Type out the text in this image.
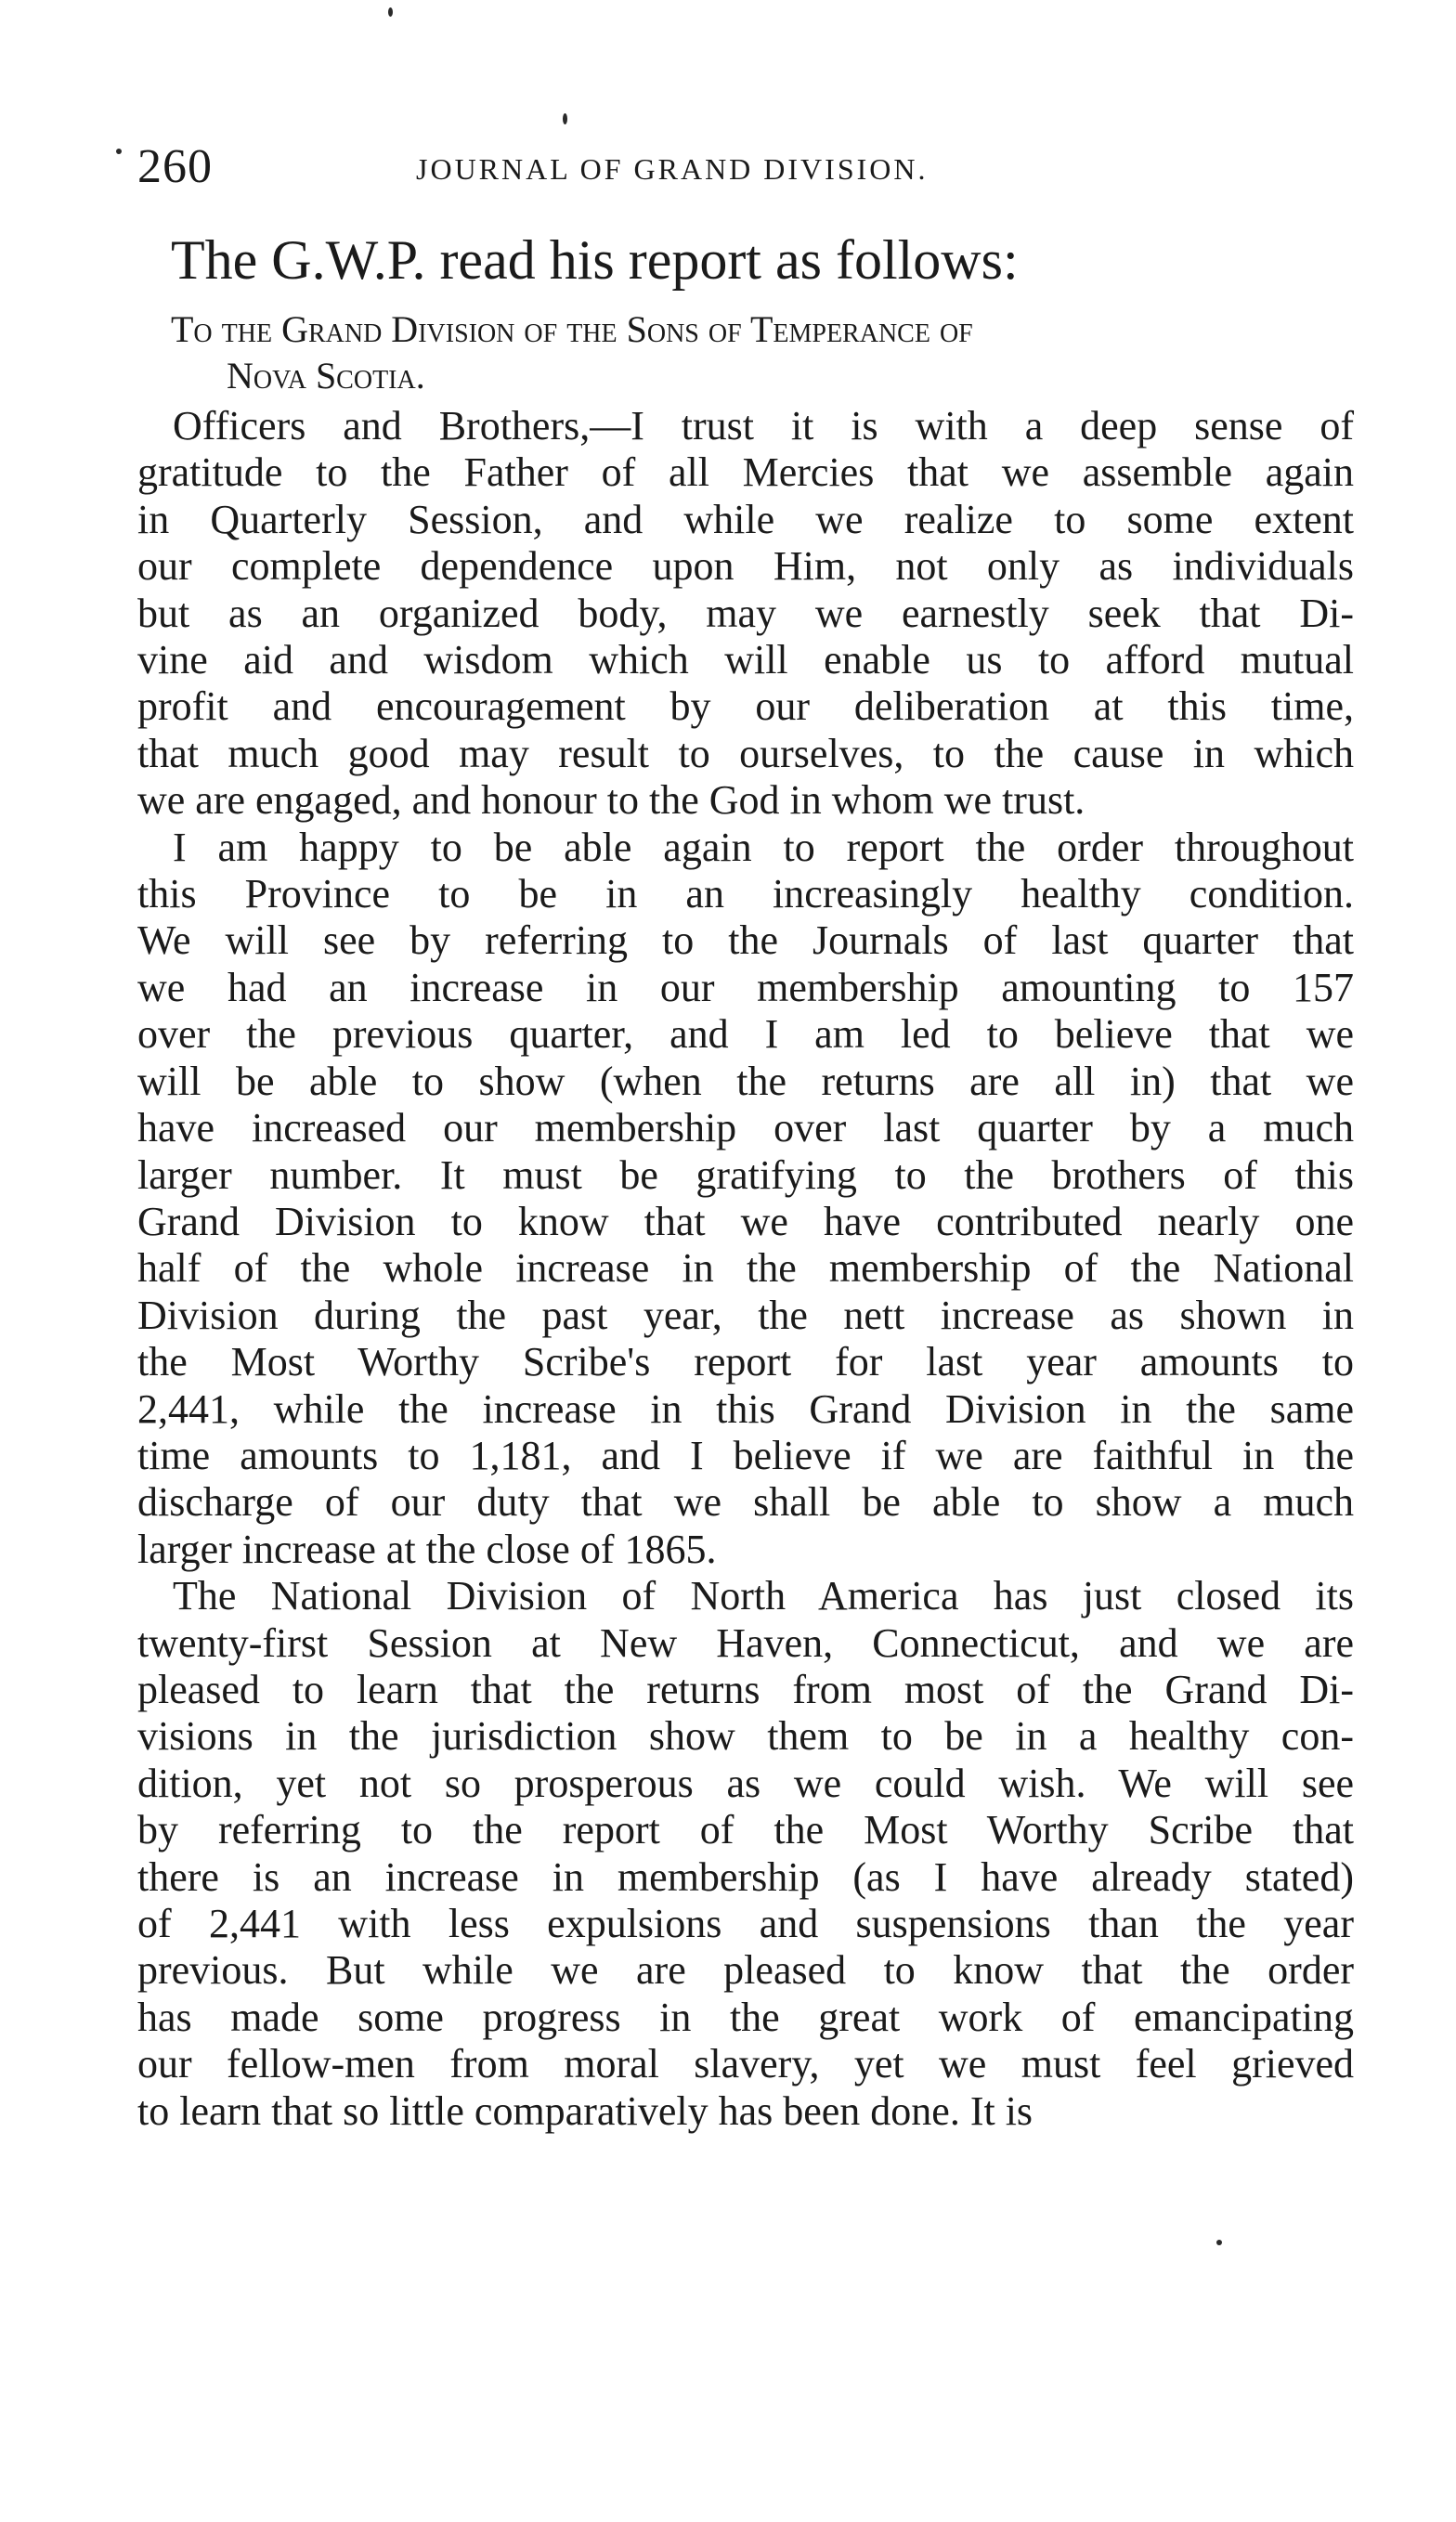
260	JOURNAL OF GRAND DIVISION.
The G.W.P. read his report as follows:
To the Grand Division of the Sons of Temperance of
Nova Scotia.
Officers and Brothers,—I trust it is with a deep sense of
gratitude to the Father of all Mercies that we assemble again
in Quarterly Session, and while we realize to some extent
our complete dependence upon Him, not only as individuals
but as an organized body, may we earnestly seek that Di-
vine aid and wisdom which will enable us to afford mutual
profit and encouragement by our deliberation at this time,
that much good may result to ourselves, to the cause in which
we are engaged, and honour to the God in whom we trust.
I am happy to be able again to report the order throughout
this Province to be in an increasingly healthy condition.
We will see by referring to the Journals of last quarter that
we had an increase in our membership amounting to 157
over the previous quarter, and I am led to believe that we
will be able to show (when the returns are all in) that we
have increased our membership over last quarter by a much
larger number. It must be gratifying to the brothers of this
Grand Division to know that we have contributed nearly one
half of the whole increase in the membership of the National
Division during the past year, the nett increase as shown in
the Most Worthy Scribe's report for last year amounts to
2,441, while the increase in this Grand Division in the same
time amounts to 1,181, and I believe if we are faithful in the
discharge of our duty that we shall be able to show a much
larger increase at the close of 1865.
The National Division of North America has just closed its
twenty-first Session at New Haven, Connecticut, and we are
pleased to learn that the returns from most of the Grand Di-
visions in the jurisdiction show them to be in a healthy con-
dition, yet not so prosperous as we could wish. We will see
by referring to the report of the Most Worthy Scribe that
there is an increase in membership (as I have already stated)
of 2,441 with less expulsions and suspensions than the year
previous. But while we are pleased to know that the order
has made some progress in the great work of emancipating
our fellow-men from moral slavery, yet we must feel grieved
to learn that so little comparatively has been done. It is
